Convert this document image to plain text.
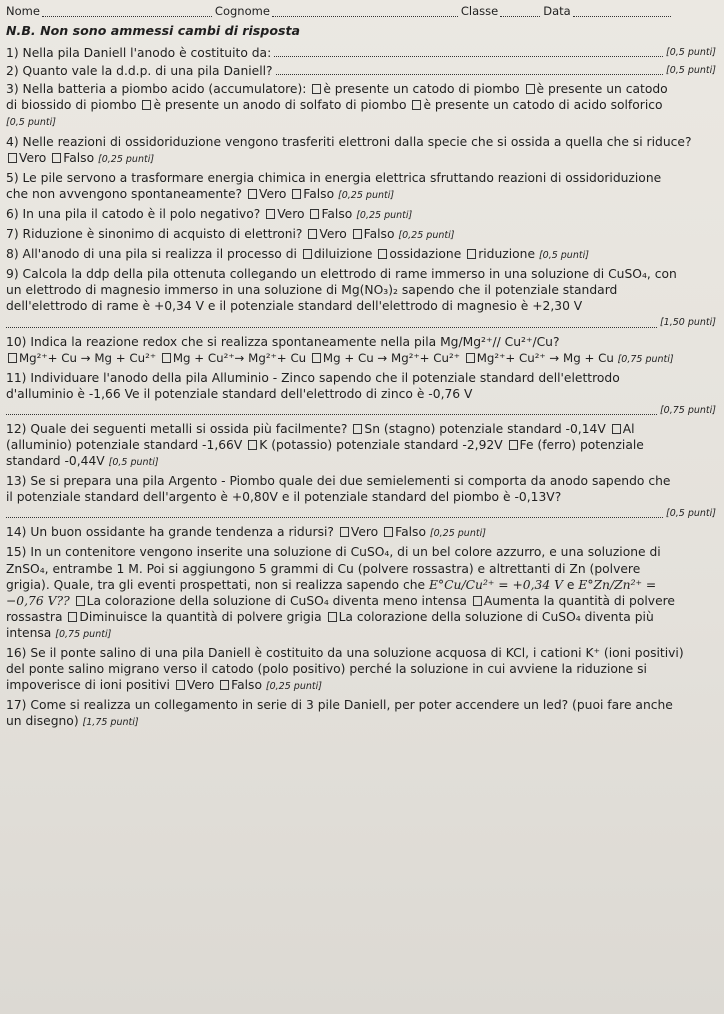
Nome	Cognome	Classe	Data
N.B. Non sono ammessi cambi di risposta
1) Nella pila Daniell l'anodo è costituito da:	[0,5 punti]
2) Quanto vale la d.d.p. di una pila Daniell?	[0,5 punti]
3) Nella batteria a piombo acido (accumulatore): è presente un catodo di piombo è presente un catodo
di biossido di piombo è presente un anodo di solfato di piombo è presente un catodo di acido solforico
[0,5 punti]
4) Nelle reazioni di ossidoriduzione vengono trasferiti elettroni dalla specie che si ossida a quella che si riduce?
Vero Falso [0,25 punti]
5) Le pile servono a trasformare energia chimica in energia elettrica sfruttando reazioni di ossidoriduzione
che non avvengono spontaneamente? Vero Falso [0,25 punti]
6) In una pila il catodo è il polo negativo? Vero Falso [0,25 punti]
7) Riduzione è sinonimo di acquisto di elettroni? Vero Falso [0,25 punti]
8) All'anodo di una pila si realizza il processo di diluizione ossidazione riduzione [0,5 punti]
9) Calcola la ddp della pila ottenuta collegando un elettrodo di rame immerso in una soluzione di CuSO₄, con
un elettrodo di magnesio immerso in una soluzione di Mg(NO₃)₂ sapendo che il potenziale standard
dell'elettrodo di rame è +0,34 V e il potenziale standard dell'elettrodo di magnesio è +2,30 V
[1,50 punti]
10) Indica la reazione redox che si realizza spontaneamente nella pila Mg/Mg²⁺// Cu²⁺/Cu?
Mg²⁺+ Cu → Mg + Cu²⁺ Mg + Cu²⁺→ Mg²⁺+ Cu Mg + Cu → Mg²⁺+ Cu²⁺ Mg²⁺+ Cu²⁺ → Mg + Cu [0,75 punti]
11) Individuare l'anodo della pila Alluminio - Zinco sapendo che il potenziale standard dell'elettrodo
d'alluminio è -1,66 Ve il potenziale standard dell'elettrodo di zinco è -0,76 V
[0,75 punti]
12) Quale dei seguenti metalli si ossida più facilmente? Sn (stagno) potenziale standard -0,14V Al
(alluminio) potenziale standard -1,66V K (potassio) potenziale standard -2,92V Fe (ferro) potenziale
standard -0,44V [0,5 punti]
13) Se si prepara una pila Argento - Piombo quale dei due semielementi si comporta da anodo sapendo che
il potenziale standard dell'argento è +0,80V e il potenziale standard del piombo è -0,13V?
[0,5 punti]
14) Un buon ossidante ha grande tendenza a ridursi? Vero Falso [0,25 punti]
15) In un contenitore vengono inserite una soluzione di CuSO₄, di un bel colore azzurro, e una soluzione di
ZnSO₄, entrambe 1 M. Poi si aggiungono 5 grammi di Cu (polvere rossastra) e altrettanti di Zn (polvere
grigia). Quale, tra gli eventi prospettati, non si realizza sapendo che E°Cu/Cu²⁺ = +0,34 V e E°Zn/Zn²⁺ =
−0,76 V?? La colorazione della soluzione di CuSO₄ diventa meno intensa Aumenta la quantità di polvere
rossastra Diminuisce la quantità di polvere grigia La colorazione della soluzione di CuSO₄ diventa più
intensa [0,75 punti]
16) Se il ponte salino di una pila Daniell è costituito da una soluzione acquosa di KCl, i cationi K⁺ (ioni positivi)
del ponte salino migrano verso il catodo (polo positivo) perché la soluzione in cui avviene la riduzione si
impoverisce di ioni positivi Vero Falso [0,25 punti]
17) Come si realizza un collegamento in serie di 3 pile Daniell, per poter accendere un led? (puoi fare anche
un disegno) [1,75 punti]
